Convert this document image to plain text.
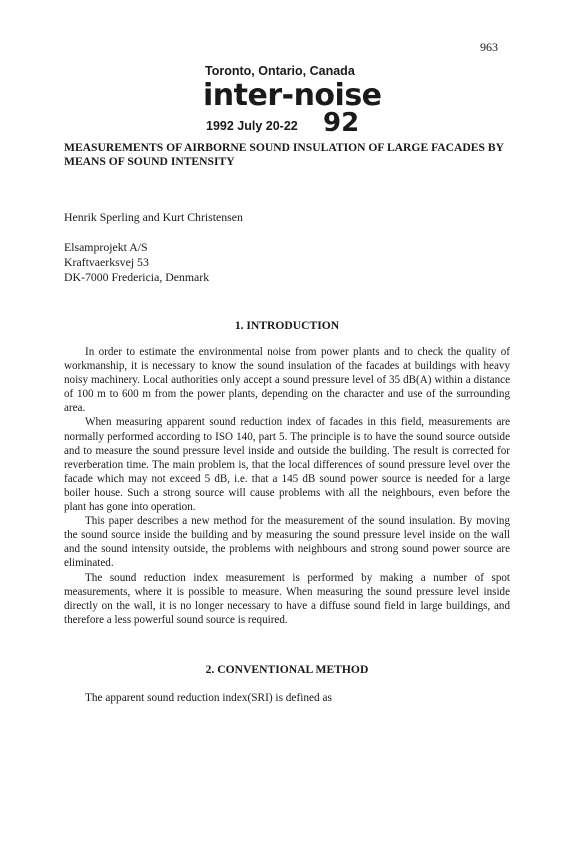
963
Toronto, Ontario, Canada
inter-noise
1992 July 20-22 92
MEASUREMENTS OF AIRBORNE SOUND INSULATION OF LARGE FACADES BY MEANS OF SOUND INTENSITY
Henrik Sperling and Kurt Christensen
Elsamprojekt A/S
Kraftvaerksvej 53
DK-7000 Fredericia, Denmark
1. INTRODUCTION

In order to estimate the environmental noise from power plants and to check the quality of workmanship, it is necessary to know the sound insulation of the facades at buildings with heavy noisy machinery. Local authorities only accept a sound pressure level of 35 dB(A) within a distance of 100 m to 600 m from the power plants, depending on the character and use of the surrounding area.

When measuring apparent sound reduction index of facades in this field, measurements are normally performed according to ISO 140, part 5. The principle is to have the sound source outside and to measure the sound pressure level inside and outside the building. The result is corrected for reverberation time. The main problem is, that the local differences of sound pressure level over the facade which may not exceed 5 dB, i.e. that a 145 dB sound power source is needed for a large boiler house. Such a strong source will cause problems with all the neighbours, even before the plant has gone into operation.

This paper describes a new method for the measurement of the sound insulation. By moving the sound source inside the building and by measuring the sound pressure level inside on the wall and the sound intensity outside, the problems with neighbours and strong sound power source are eliminated.

The sound reduction index measurement is performed by making a number of spot measurements, where it is possible to measure. When measuring the sound pressure level inside directly on the wall, it is no longer necessary to have a diffuse sound field in large buildings, and therefore a less powerful sound source is required.

2. CONVENTIONAL METHOD
The apparent sound reduction index(SRI) is defined as
